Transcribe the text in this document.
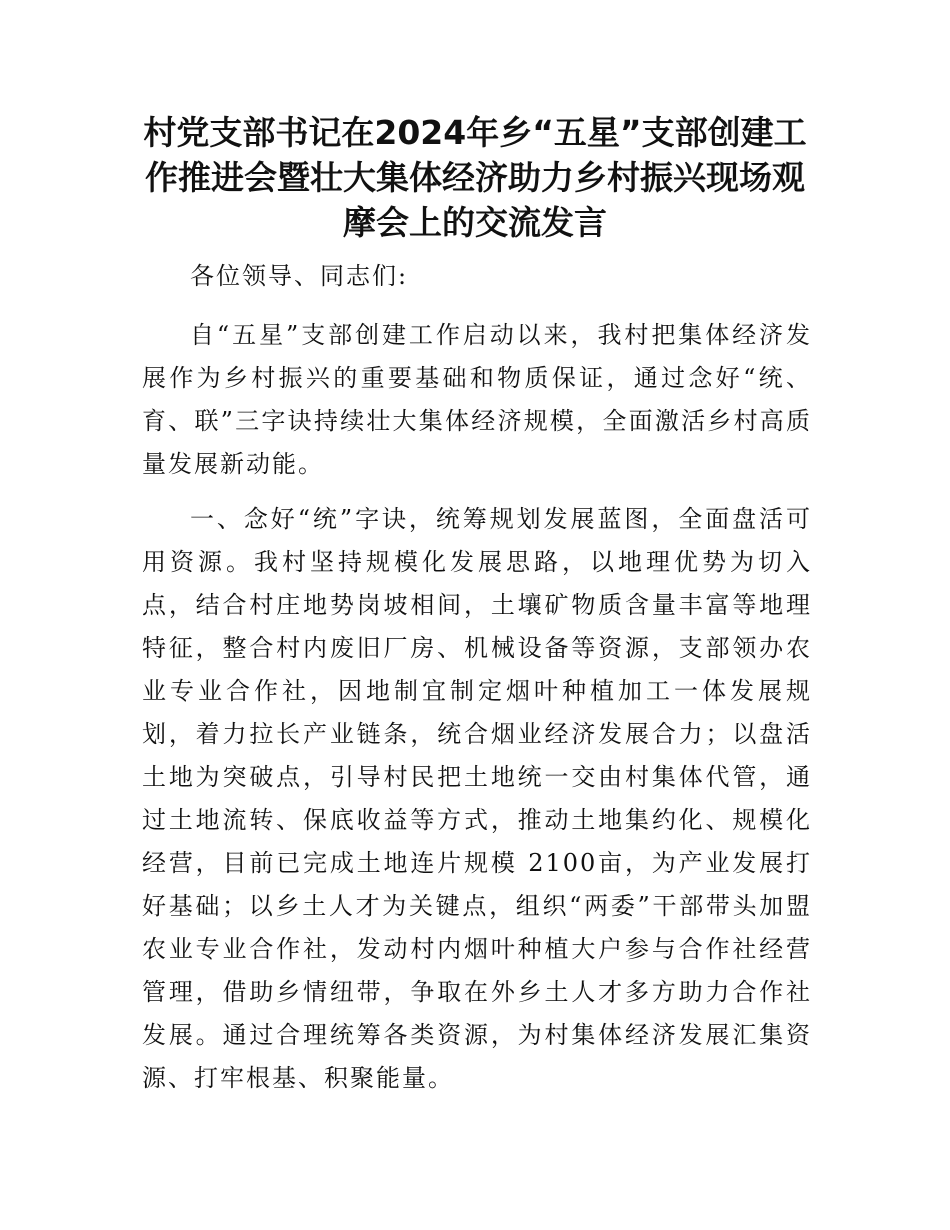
村党支部书记在2024年乡“五星”支部创建工
作推进会暨壮大集体经济助力乡村振兴现场观
摩会上的交流发言

各位领导、同志们:

自“五星”支部创建工作启动以来，我村把集体经济发展作为乡村振兴的重要基础和物质保证，通过念好“统、育、联”三字诀持续壮大集体经济规模，全面激活乡村高质量发展新动能。

一、念好“统”字诀，统筹规划发展蓝图，全面盘活可用资源。我村坚持规模化发展思路，以地理优势为切入点，结合村庄地势岗坡相间，土壤矿物质含量丰富等地理特征，整合村内废旧厂房、机械设备等资源，支部领办农业专业合作社，因地制宜制定烟叶种植加工一体发展规划，着力拉长产业链条，统合烟业经济发展合力；以盘活土地为突破点，引导村民把土地统一交由村集体代管，通过土地流转、保底收益等方式，推动土地集约化、规模化经营，目前已完成土地连片规模 2100亩，为产业发展打好基础；以乡土人才为关键点，组织“两委”干部带头加盟农业专业合作社，发动村内烟叶种植大户参与合作社经营管理，借助乡情纽带，争取在外乡土人才多方助力合作社发展。通过合理统筹各类资源，为村集体经济发展汇集资源、打牢根基、积聚能量。
